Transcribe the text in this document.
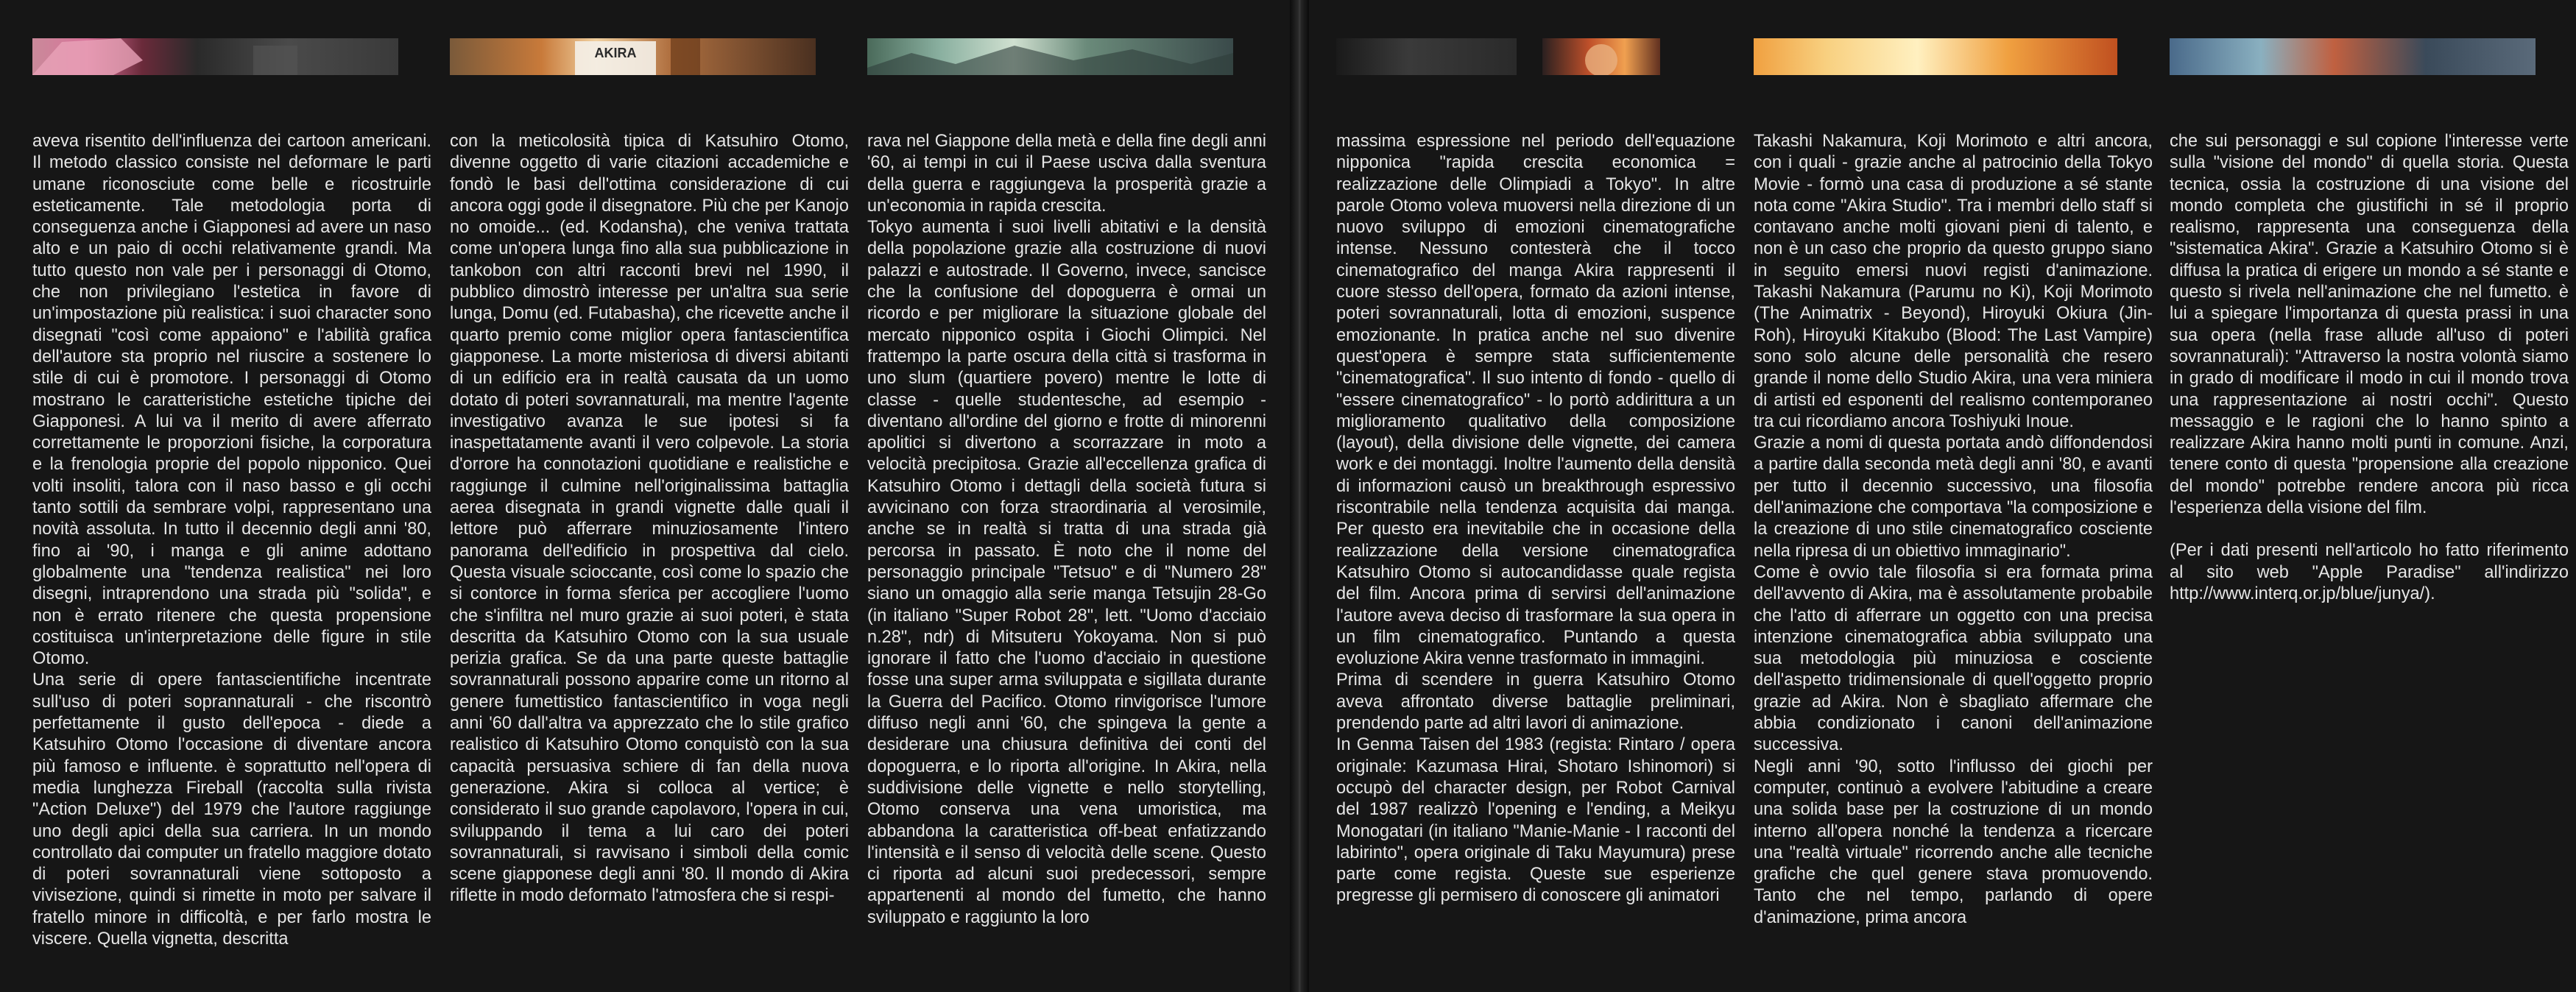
AKIRA

aveva risentito dell'influenza dei cartoon americani. Il metodo classico consiste nel deformare le parti umane riconosciute come belle e ricostruirle esteticamente. Tale metodologia porta di conseguenza anche i Giapponesi ad avere un naso alto e un paio di occhi relativamente grandi. Ma tutto questo non vale per i personaggi di Otomo, che non privilegiano l'estetica in favore di un'impostazione più realistica: i suoi character sono disegnati "così come appaiono" e l'abilità grafica dell'autore sta proprio nel riuscire a sostenere lo stile di cui è promotore. I personaggi di Otomo mostrano le caratteristiche estetiche tipiche dei Giapponesi. A lui va il merito di avere afferrato correttamente le proporzioni fisiche, la corporatura e la frenologia proprie del popolo nipponico. Quei volti insoliti, talora con il naso basso e gli occhi tanto sottili da sembrare volpi, rappresentano una novità assoluta. In tutto il decennio degli anni '80, fino ai '90, i manga e gli anime adottano globalmente una "tendenza realistica" nei loro disegni, intraprendono una strada più "solida", e non è errato ritenere che questa propensione costituisca un'interpretazione delle figure in stile Otomo.

Una serie di opere fantascientifiche incentrate sull'uso di poteri soprannaturali - che riscontrò perfettamente il gusto dell'epoca - diede a Katsuhiro Otomo l'occasione di diventare ancora più famoso e influente. è soprattutto nell'opera di media lunghezza Fireball (raccolta sulla rivista "Action Deluxe") del 1979 che l'autore raggiunge uno degli apici della sua carriera. In un mondo controllato dai computer un fratello maggiore dotato di poteri sovrannaturali viene sottoposto a vivisezione, quindi si rimette in moto per salvare il fratello minore in difficoltà, e per farlo mostra le viscere. Quella vignetta, descritta

con la meticolosità tipica di Katsuhiro Otomo, divenne oggetto di varie citazioni accademiche e fondò le basi dell'ottima considerazione di cui ancora oggi gode il disegnatore. Più che per Kanojo no omoide... (ed. Kodansha), che veniva trattata come un'opera lunga fino alla sua pubblicazione in tankobon con altri racconti brevi nel 1990, il pubblico dimostrò interesse per un'altra sua serie lunga, Domu (ed. Futabasha), che ricevette anche il quarto premio come miglior opera fantascientifica giapponese. La morte misteriosa di diversi abitanti di un edificio era in realtà causata da un uomo dotato di poteri sovrannaturali, ma mentre l'agente investigativo avanza le sue ipotesi si fa inaspettatamente avanti il vero colpevole. La storia d'orrore ha connotazioni quotidiane e realistiche e raggiunge il culmine nell'originalissima battaglia aerea disegnata in grandi vignette dalle quali il lettore può afferrare minuziosamente l'intero panorama dell'edificio in prospettiva dal cielo. Questa visuale scioccante, così come lo spazio che si contorce in forma sferica per accogliere l'uomo che s'infiltra nel muro grazie ai suoi poteri, è stata descritta da Katsuhiro Otomo con la sua usuale perizia grafica. Se da una parte queste battaglie sovrannaturali possono apparire come un ritorno al genere fumettistico fantascientifico in voga negli anni '60 dall'altra va apprezzato che lo stile grafico realistico di Katsuhiro Otomo conquistò con la sua capacità persuasiva schiere di fan della nuova generazione. Akira si colloca al vertice; è considerato il suo grande capolavoro, l'opera in cui, sviluppando il tema a lui caro dei poteri sovrannaturali, si ravvisano i simboli della comic scene giapponese degli anni '80. Il mondo di Akira riflette in modo deformato l'atmosfera che si respi-

rava nel Giappone della metà e della fine degli anni '60, ai tempi in cui il Paese usciva dalla sventura della guerra e raggiungeva la prosperità grazie a un'economia in rapida crescita.

Tokyo aumenta i suoi livelli abitativi e la densità della popolazione grazie alla costruzione di nuovi palazzi e autostrade. Il Governo, invece, sancisce che la confusione del dopoguerra è ormai un ricordo e per migliorare la situazione globale del mercato nipponico ospita i Giochi Olimpici. Nel frattempo la parte oscura della città si trasforma in uno slum (quartiere povero) mentre le lotte di classe - quelle studentesche, ad esempio - diventano all'ordine del giorno e frotte di minorenni apolitici si divertono a scorrazzare in moto a velocità precipitosa. Grazie all'eccellenza grafica di Katsuhiro Otomo i dettagli della società futura si avvicinano con forza straordinaria al verosimile, anche se in realtà si tratta di una strada già percorsa in passato. È noto che il nome del personaggio principale "Tetsuo" e di "Numero 28" siano un omaggio alla serie manga Tetsujin 28-Go (in italiano "Super Robot 28", lett. "Uomo d'acciaio n.28", ndr) di Mitsuteru Yokoyama. Non si può ignorare il fatto che l'uomo d'acciaio in questione fosse una super arma sviluppata e sigillata durante la Guerra del Pacifico. Otomo rinvigorisce l'umore diffuso negli anni '60, che spingeva la gente a desiderare una chiusura definitiva dei conti del dopoguerra, e lo riporta all'origine. In Akira, nella suddivisione delle vignette e nello storytelling, Otomo conserva una vena umoristica, ma abbandona la caratteristica off-beat enfatizzando l'intensità e il senso di velocità delle scene. Questo ci riporta ad alcuni suoi predecessori, sempre appartenenti al mondo del fumetto, che hanno sviluppato e raggiunto la loro

massima espressione nel periodo dell'equazione nipponica "rapida crescita economica = realizzazione delle Olimpiadi a Tokyo". In altre parole Otomo voleva muoversi nella direzione di un nuovo sviluppo di emozioni cinematografiche intense. Nessuno contesterà che il tocco cinematografico del manga Akira rappresenti il cuore stesso dell'opera, formato da azioni intense, poteri sovrannaturali, lotta di emozioni, suspence emozionante. In pratica anche nel suo divenire quest'opera è sempre stata sufficientemente "cinematografica". Il suo intento di fondo - quello di "essere cinematografico" - lo portò addirittura a un miglioramento qualitativo della composizione (layout), della divisione delle vignette, dei camera work e dei montaggi. Inoltre l'aumento della densità di informazioni causò un breakthrough espressivo riscontrabile nella tendenza acquisita dai manga. Per questo era inevitabile che in occasione della realizzazione della versione cinematografica Katsuhiro Otomo si autocandidasse quale regista del film. Ancora prima di servirsi dell'animazione l'autore aveva deciso di trasformare la sua opera in un film cinematografico. Puntando a questa evoluzione Akira venne trasformato in immagini.

Prima di scendere in guerra Katsuhiro Otomo aveva affrontato diverse battaglie preliminari, prendendo parte ad altri lavori di animazione.

In Genma Taisen del 1983 (regista: Rintaro / opera originale: Kazumasa Hirai, Shotaro Ishinomori) si occupò del character design, per Robot Carnival del 1987 realizzò l'opening e l'ending, a Meikyu Monogatari (in italiano "Manie-Manie - I racconti del labirinto", opera originale di Taku Mayumura) prese parte come regista. Queste sue esperienze pregresse gli permisero di conoscere gli animatori

Takashi Nakamura, Koji Morimoto e altri ancora, con i quali - grazie anche al patrocinio della Tokyo Movie - formò una casa di produzione a sé stante nota come "Akira Studio". Tra i membri dello staff si contavano anche molti giovani pieni di talento, e non è un caso che proprio da questo gruppo siano in seguito emersi nuovi registi d'animazione. Takashi Nakamura (Parumu no Ki), Koji Morimoto (The Animatrix - Beyond), Hiroyuki Okiura (Jin-Roh), Hiroyuki Kitakubo (Blood: The Last Vampire) sono solo alcune delle personalità che resero grande il nome dello Studio Akira, una vera miniera di artisti ed esponenti del realismo contemporaneo tra cui ricordiamo ancora Toshiyuki Inoue.

Grazie a nomi di questa portata andò diffondendosi a partire dalla seconda metà degli anni '80, e avanti per tutto il decennio successivo, una filosofia dell'animazione che comportava "la composizione e la creazione di uno stile cinematografico cosciente nella ripresa di un obiettivo immaginario".

Come è ovvio tale filosofia si era formata prima dell'avvento di Akira, ma è assolutamente probabile che l'atto di afferrare un oggetto con una precisa intenzione cinematografica abbia sviluppato una sua metodologia più minuziosa e cosciente dell'aspetto tridimensionale di quell'oggetto proprio grazie ad Akira. Non è sbagliato affermare che abbia condizionato i canoni dell'animazione successiva.

Negli anni '90, sotto l'influsso dei giochi per computer, continuò a evolvere l'abitudine a creare una solida base per la costruzione di un mondo interno all'opera nonché la tendenza a ricercare una "realtà virtuale" ricorrendo anche alle tecniche grafiche che quel genere stava promuovendo. Tanto che nel tempo, parlando di opere d'animazione, prima ancora

che sui personaggi e sul copione l'interesse verte sulla "visione del mondo" di quella storia. Questa tecnica, ossia la costruzione di una visione del mondo completa che giustifichi in sé il proprio realismo, rappresenta una conseguenza della "sistematica Akira". Grazie a Katsuhiro Otomo si è diffusa la pratica di erigere un mondo a sé stante e questo si rivela nell'animazione che nel fumetto. è lui a spiegare l'importanza di questa prassi in una sua opera (nella frase allude all'uso di poteri sovrannaturali): "Attraverso la nostra volontà siamo in grado di modificare il modo in cui il mondo trova una rappresentazione ai nostri occhi". Questo messaggio e le ragioni che lo hanno spinto a realizzare Akira hanno molti punti in comune. Anzi, tenere conto di questa "propensione alla creazione del mondo" potrebbe rendere ancora più ricca l'esperienza della visione del film.

(Per i dati presenti nell'articolo ho fatto riferimento al sito web "Apple Paradise" all'indirizzo http://www.interq.or.jp/blue/junya/).
